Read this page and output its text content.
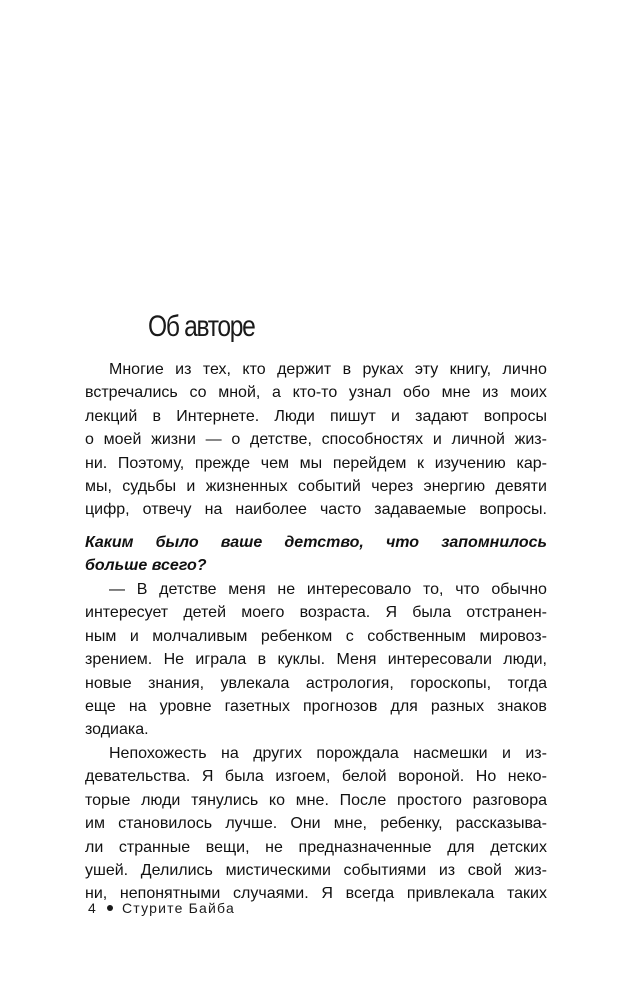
Об авторе
Многие из тех, кто держит в руках эту книгу, лично
встречались со мной, а кто-то узнал обо мне из моих
лекций в Интернете. Люди пишут и задают вопросы
о моей жизни — о детстве, способностях и личной жиз-
ни. Поэтому, прежде чем мы перейдем к изучению кар-
мы, судьбы и жизненных событий через энергию девяти
цифр, отвечу на наиболее часто задаваемые вопросы.
Каким было ваше детство, что запомнилось
больше всего?
— В детстве меня не интересовало то, что обычно
интересует детей моего возраста. Я была отстранен-
ным и молчаливым ребенком с собственным мировоз-
зрением. Не играла в куклы. Меня интересовали люди,
новые знания, увлекала астрология, гороскопы, тогда
еще на уровне газетных прогнозов для разных знаков
зодиака.
Непохожесть на других порождала насмешки и из-
девательства. Я была изгоем, белой вороной. Но неко-
торые люди тянулись ко мне. После простого разговора
им становилось лучше. Они мне, ребенку, рассказыва-
ли странные вещи, не предназначенные для детских
ушей. Делились мистическими событиями из свой жиз-
ни, непонятными случаями. Я всегда привлекала таких
4 Стурите Байба
